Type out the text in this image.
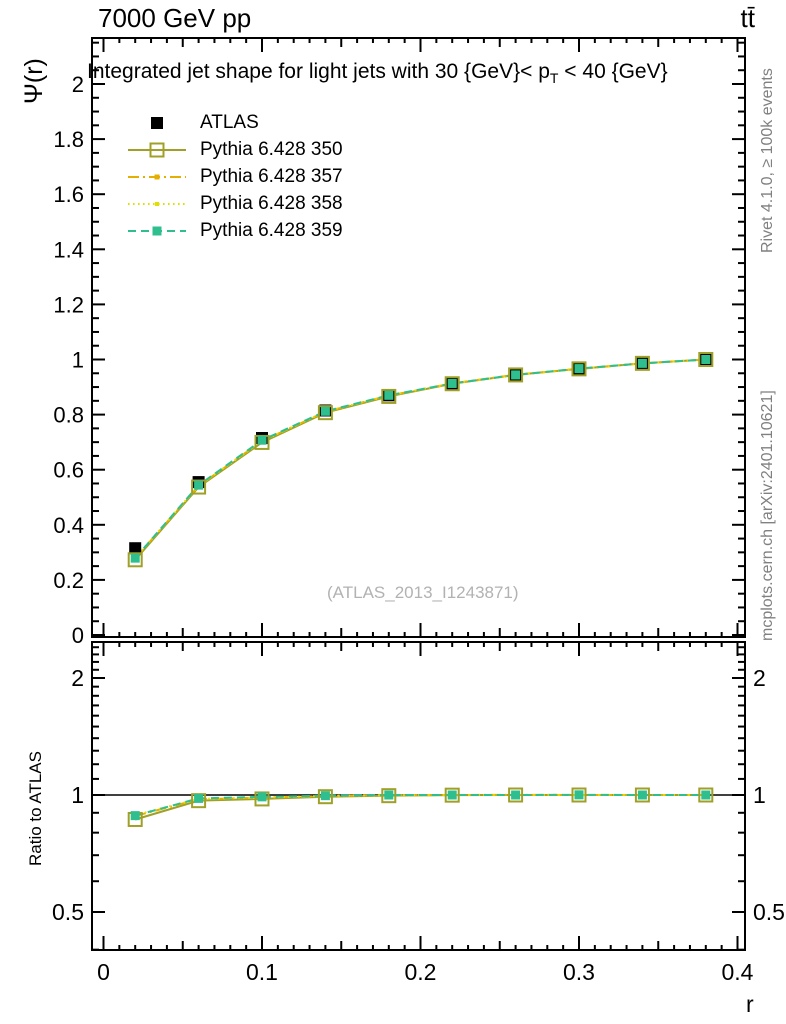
0
0.2
0.4
0.6
0.8
1
1.2
1.4
1.6
1.8
2
0	0.1	0.2	0.3	0.4
0.5	0.5
1	1
2	2
7000 GeV pp	tt̄
Ψ(r) Integrated jet shape for light jets with 30 $\{GeV\}< p_T < 40$ {GeV}
ATLAS
Pythia 6.428 350
Pythia 6.428 357
Pythia 6.428 358
Pythia 6.428 359
(ATLAS_2013_I1243871)
Rivet 4.1.0, ≥ 100k events
mcplots.cern.ch [arXiv:2401.10621]
Ratio to ATLAS
r
